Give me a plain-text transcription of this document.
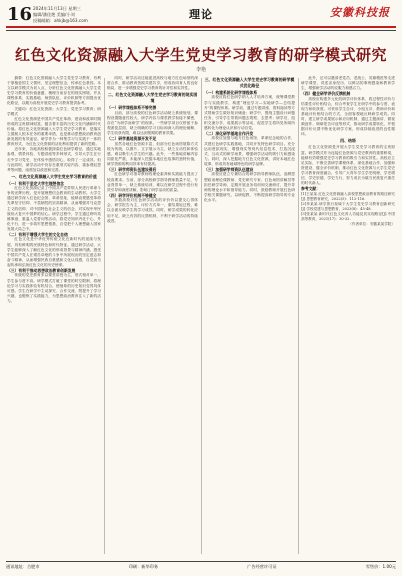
16 2024年11月13日 星期三
编辑/潘佳艳 美编/小刘
投稿邮箱：ahkjb@163.com	理论	安徽科技报
红色文化资源融入大学生党史学习教育的研学模式研究
李艳

摘要：红色文化资源融入大学生党史学习教育，有利于厚植爱国主义情怀，坚定理想信念，传承红色基因。本文以研学模式为切入点，分析红色文化资源融入大学生党史学习教育的价值意蕴，梳理当前存在的现实困境，并从课程体系、实践基地、师资队伍、评价机制等方面提出优化路径，以期为高校开展党史学习教育提供参考。

关键词：红色文化资源；大学生；党史学习教育；研学模式

红色文化资源是中国共产党在革命、建设和改革时期形成的宝贵精神财富，蕴含着丰富的历史文化内涵和时代价值。将红色文化资源融入大学生党史学习教育，是落实立德树人根本任务的重要举措，也是推动思想政治教育创新发展的有效途径。研学作为一种集学习与实践于一体的教育形式，为红色文化资源的活化利用提供了新的思路。

近年来，各地高校积极探索红色研学路径，通过实地参观、情景体验、专题讲座等多种形式，引导大学生在行走中学习党史、在体验中感悟初心，取得了一定成效。但与此同时，研学活动中仍存在重形式轻内容、重参观轻思考等问题，亟需加以改进和完善。

一、红色文化资源融入大学生党史学习教育的价值
（一）有利于坚定大学生理想信念

红色文化资源记录了中国共产党带领人民进行革命斗争的光辉历程，是开展理想信念教育的生动教材。大学生通过研学深入红色纪念馆、革命旧址，能够直观感受革命先辈坚守信仰、不畏牺牲的崇高精神，从而增强对马克思主义的信仰、对中国特色社会主义的信念、对实现中华民族伟大复兴中国梦的信心。研学过程中，学生通过聆听英雄事迹、重温入党誓词等活动，将党史知识内化于心、外化于行，进一步筑牢思想根基，自觉把个人理想融入国家发展大局之中。

（二）有利于增强大学生的文化自信

红色文化是中华优秀传统文化在新时代的延续与发展，具有鲜明的民族特色和时代特征。通过研学活动，大学生能够深入了解红色文化的形成背景与精神内涵，感受中国共产党人在艰苦卓绝的斗争中所展现出的坚定意志和奋斗精神，从而增强民族自豪感和文化认同感，自觉担当起传承和弘扬红色文化的历史使命。

（三）有利于推动思想政治教育创新发展

传统的党史教育多以课堂讲授为主，形式相对单一，学生参与度不高。研学模式打破了课堂的时空限制，将理论学习与实践体验有机结合，使抽象的历史知识变得具体可感。学生在研学中主动探究、合作交流，既提升了学习兴趣，也锻炼了实践能力，为思想政治教育注入了新的活力。

同时，研学活动还能促进高校与地方红色场馆的深度合作，推动教育资源共建共享，形成协同育人的良好格局，进一步增强党史学习教育的针对性和实效性。

二、红色文化资源融入大学生党史学习教育的现实困境
（一）研学课程体系不够完善

目前，部分高校的红色研学活动缺乏系统规划，课程设置随意性较大，研学内容与课堂教学衔接不紧密，存在“为研学而研学”的现象。一些研学项目仅停留于参观游览层面，缺乏明确的学习目标和深入的理论阐释，学生收获有限，难以达到预期的教育效果。

（二）研学基地资源开发不足

虽然各地红色资源丰富，但部分红色场馆展陈方式较为传统，以图片、文字展示为主，缺乏互动性和体验感，难以吸引大学生的兴趣。此外，一些基地讲解内容同质化严重，未能深入挖掘本地红色故事的独特价值，研学资源的利用效率有待提高。

（三）研学师资队伍建设滞后

红色研学对指导教师的理论素养和实践能力提出了较高要求。当前，部分高校研学指导教师数量不足，专业背景单一，缺乏系统培训，难以在研学过程中进行有效引导和深度讲解，影响了研学活动的质量。

（四）研学评价机制不够健全

多数高校对红色研学活动的评价仍以提交心得体会、研学报告为主，评价方式单一，重结果轻过程，难以全面反映学生的学习成效。同时，研学成果的转化应用不足，缺乏有效的反馈机制，不利于研学活动的持续改进。

三、红色文化资源融入大学生党史学习教育的研学模式优化路径
（一）构建系统化研学课程体系

高校应将红色研学纳入人才培养方案，统筹课堂教学与实践教学，构建“理论学习—实地研学—总结提升”的课程体系。研学前，通过专题讲座、资料阅读等方式帮助学生做好知识储备；研学中，围绕主题设计问题任务，引导学生带着问题去观察、去思考；研学后，组织交流分享、成果展示等活动，促进学生将所见所闻所感转化为理论认识和行动自觉。

（二）深化研学基地合作开发

高校应加强与地方红色场馆、革命纪念地的合作，共建红色研学实践基地，共同开发特色研学项目。充分运用虚拟现实、增强现实等现代信息技术，打造沉浸式、互动式的研学场景，增强研学活动的吸引力和感染力。同时，深入挖掘地方红色文化资源，讲好本地红色故事，形成具有地域特色的研学品牌。

（三）加强研学师资队伍建设

高校应建立专兼结合的研学指导教师队伍，选聘思想政治理论课教师、党史研究专家、红色场馆讲解员等担任研学导师，定期开展业务培训和交流研讨，提升导师的理论水平和指导能力。同时，鼓励教师开展红色研学相关课题研究，以研促教，不断提高研学指导的专业化水平。

此外，还可以邀请老党员、老战士、英雄模范等走进研学课堂，讲述亲身经历，以鲜活的事例感染和教育学生，增强研学活动的说服力和感召力。

（四）健全研学评价反馈机制

高校应构建多元化的研学评价体系，将过程性评价与结果性评价相结合，综合考查学生在研学中的参与度、表现力和收获度。可采用学生自评、小组互评、教师评价和基地评价相结合的方式，全面客观地反映研学成效。同时，建立研学成果展示和应用机制，通过主题演讲、微视频创作、调研报告评选等形式，推动研学成果转化，并根据评价反馈不断优化研学方案，形成持续改进的良性循环。

四、结语

红色文化资源是开展大学生党史学习教育的宝贵财富。研学模式作为连接红色资源与党史教育的重要桥梁，能够有效增强党史学习教育的吸引力和实效性。高校应立足实际，不断完善研学课程体系、深化基地合作、加强师资建设、健全评价机制，推动红色文化资源与大学生党史学习教育深度融合，引导广大青年学生学史明理、学史增信、学史崇德、学史力行，努力成长为堪当民族复兴重任的时代新人。

参考文献：
[1]王某某.红色文化资源融入高校思想政治教育的路径研究[J].思想教育研究，2022(5)：112-116.
[2]李某某.研学旅行视域下大学生党史学习教育创新研究[J].学校党建与思想教育，2023(8)：45-48.
[3]张某某.新时代红色文化育人功能及其实现路径[J].中国高等教育，2021(17)：30-32.
（作者单位：安徽某某学院）
通讯地址：合肥市	印刷：新华印务	广告经营许可证	零售价：1.00元
